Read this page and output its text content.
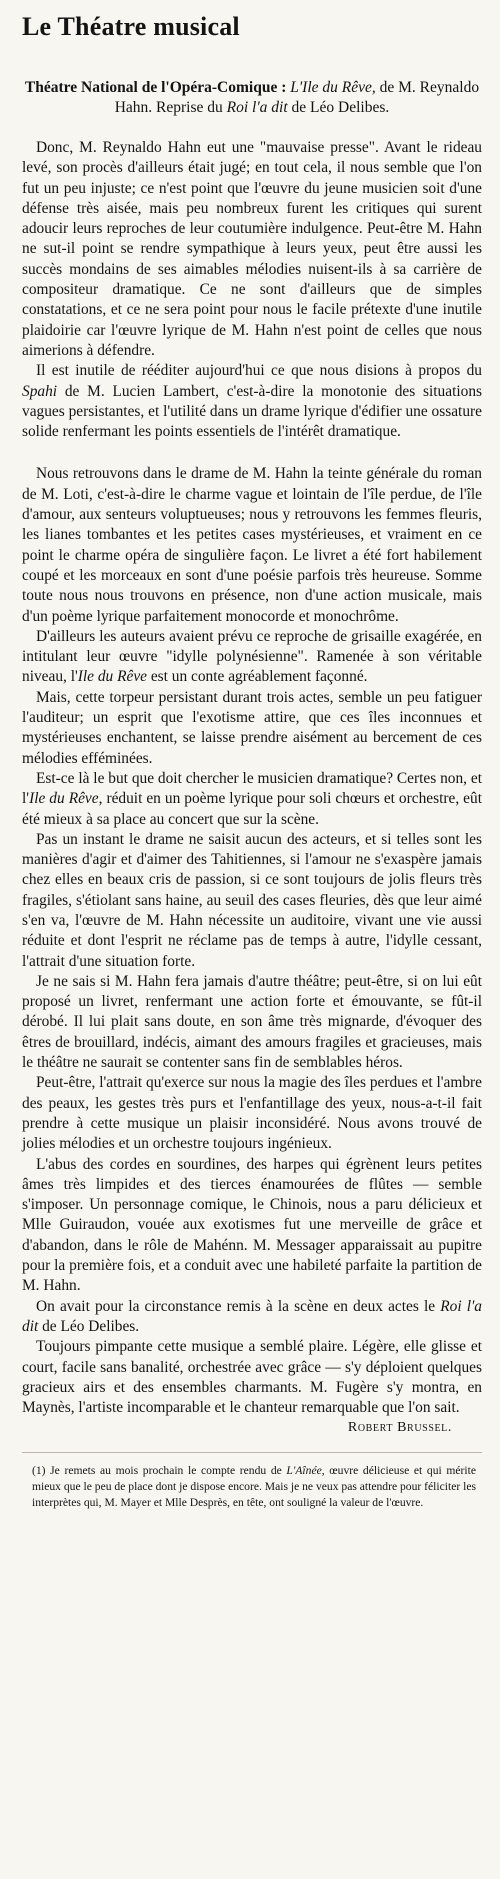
Le Théatre musical
Théatre National de l'Opéra-Comique : L'Ile du Rêve, de M. Reynaldo Hahn. Reprise du Roi l'a dit de Léo Delibes.

Donc, M. Reynaldo Hahn eut une "mauvaise presse". Avant le rideau levé, son procès d'ailleurs était jugé; en tout cela, il nous semble que l'on fut un peu injuste; ce n'est point que l'œuvre du jeune musicien soit d'une défense très aisée, mais peu nombreux furent les critiques qui surent adoucir leurs reproches de leur coutumière indulgence. Peut-être M. Hahn ne sut-il point se rendre sympathique à leurs yeux, peut être aussi les succès mondains de ses aimables mélodies nuisent-ils à sa carrière de compositeur dramatique. Ce ne sont d'ailleurs que de simples constatations, et ce ne sera point pour nous le facile prétexte d'une inutile plaidoirie car l'œuvre lyrique de M. Hahn n'est point de celles que nous aimerions à défendre.

Il est inutile de rééditer aujourd'hui ce que nous disions à propos du Spahi de M. Lucien Lambert, c'est-à-dire la monotonie des situations vagues persistantes, et l'utilité dans un drame lyrique d'édifier une ossature solide renfermant les points essentiels de l'intérêt dramatique.

Nous retrouvons dans le drame de M. Hahn la teinte générale du roman de M. Loti, c'est-à-dire le charme vague et lointain de l'île perdue, de l'île d'amour, aux senteurs voluptueuses; nous y retrouvons les femmes fleuris, les lianes tombantes et les petites cases mystérieuses, et vraiment en ce point le charme opéra de singulière façon. Le livret a été fort habilement coupé et les morceaux en sont d'une poésie parfois très heureuse. Somme toute nous nous trouvons en présence, non d'une action musicale, mais d'un poème lyrique parfaitement monocorde et monochrôme.

D'ailleurs les auteurs avaient prévu ce reproche de grisaille exagérée, en intitulant leur œuvre "idylle polynésienne". Ramenée à son véritable niveau, l'Ile du Rêve est un conte agréablement façonné.

Mais, cette torpeur persistant durant trois actes, semble un peu fatiguer l'auditeur; un esprit que l'exotisme attire, que ces îles inconnues et mystérieuses enchantent, se laisse prendre aisément au bercement de ces mélodies efféminées.

Est-ce là le but que doit chercher le musicien dramatique? Certes non, et l'Ile du Rêve, réduit en un poème lyrique pour soli chœurs et orchestre, eût été mieux à sa place au concert que sur la scène.

Pas un instant le drame ne saisit aucun des acteurs, et si telles sont les manières d'agir et d'aimer des Tahitiennes, si l'amour ne s'exaspère jamais chez elles en beaux cris de passion, si ce sont toujours de jolis fleurs très fragiles, s'étiolant sans haine, au seuil des cases fleuries, dès que leur aimé s'en va, l'œuvre de M. Hahn nécessite un auditoire, vivant une vie aussi réduite et dont l'esprit ne réclame pas de temps à autre, l'idylle cessant, l'attrait d'une situation forte.

Je ne sais si M. Hahn fera jamais d'autre théâtre; peut-être, si on lui eût proposé un livret, renfermant une action forte et émouvante, se fût-il dérobé. Il lui plait sans doute, en son âme très mignarde, d'évoquer des êtres de brouillard, indécis, aimant des amours fragiles et gracieuses, mais le théâtre ne saurait se contenter sans fin de semblables héros.

Peut-être, l'attrait qu'exerce sur nous la magie des îles perdues et l'ambre des peaux, les gestes très purs et l'enfantillage des yeux, nous-a-t-il fait prendre à cette musique un plaisir inconsidéré. Nous avons trouvé de jolies mélodies et un orchestre toujours ingénieux.

L'abus des cordes en sourdines, des harpes qui égrènent leurs petites âmes très limpides et des tierces énamourées de flûtes — semble s'imposer. Un personnage comique, le Chinois, nous a paru délicieux et Mlle Guiraudon, vouée aux exotismes fut une merveille de grâce et d'abandon, dans le rôle de Mahénn. M. Messager apparaissait au pupitre pour la première fois, et a conduit avec une habileté parfaite la partition de M. Hahn.

On avait pour la circonstance remis à la scène en deux actes le Roi l'a dit de Léo Delibes.

Toujours pimpante cette musique a semblé plaire. Légère, elle glisse et court, facile sans banalité, orchestrée avec grâce — s'y déploient quelques gracieux airs et des ensembles charmants. M. Fugère s'y montra, en Maynès, l'artiste incomparable et le chanteur remarquable que l'on sait.

Robert Brussel.
(1) Je remets au mois prochain le compte rendu de L'Aînée, œuvre délicieuse et qui mérite mieux que le peu de place dont je dispose encore. Mais je ne veux pas attendre pour féliciter les interprètes qui, M. Mayer et Mlle Desprès, en tête, ont souligné la valeur de l'œuvre.
